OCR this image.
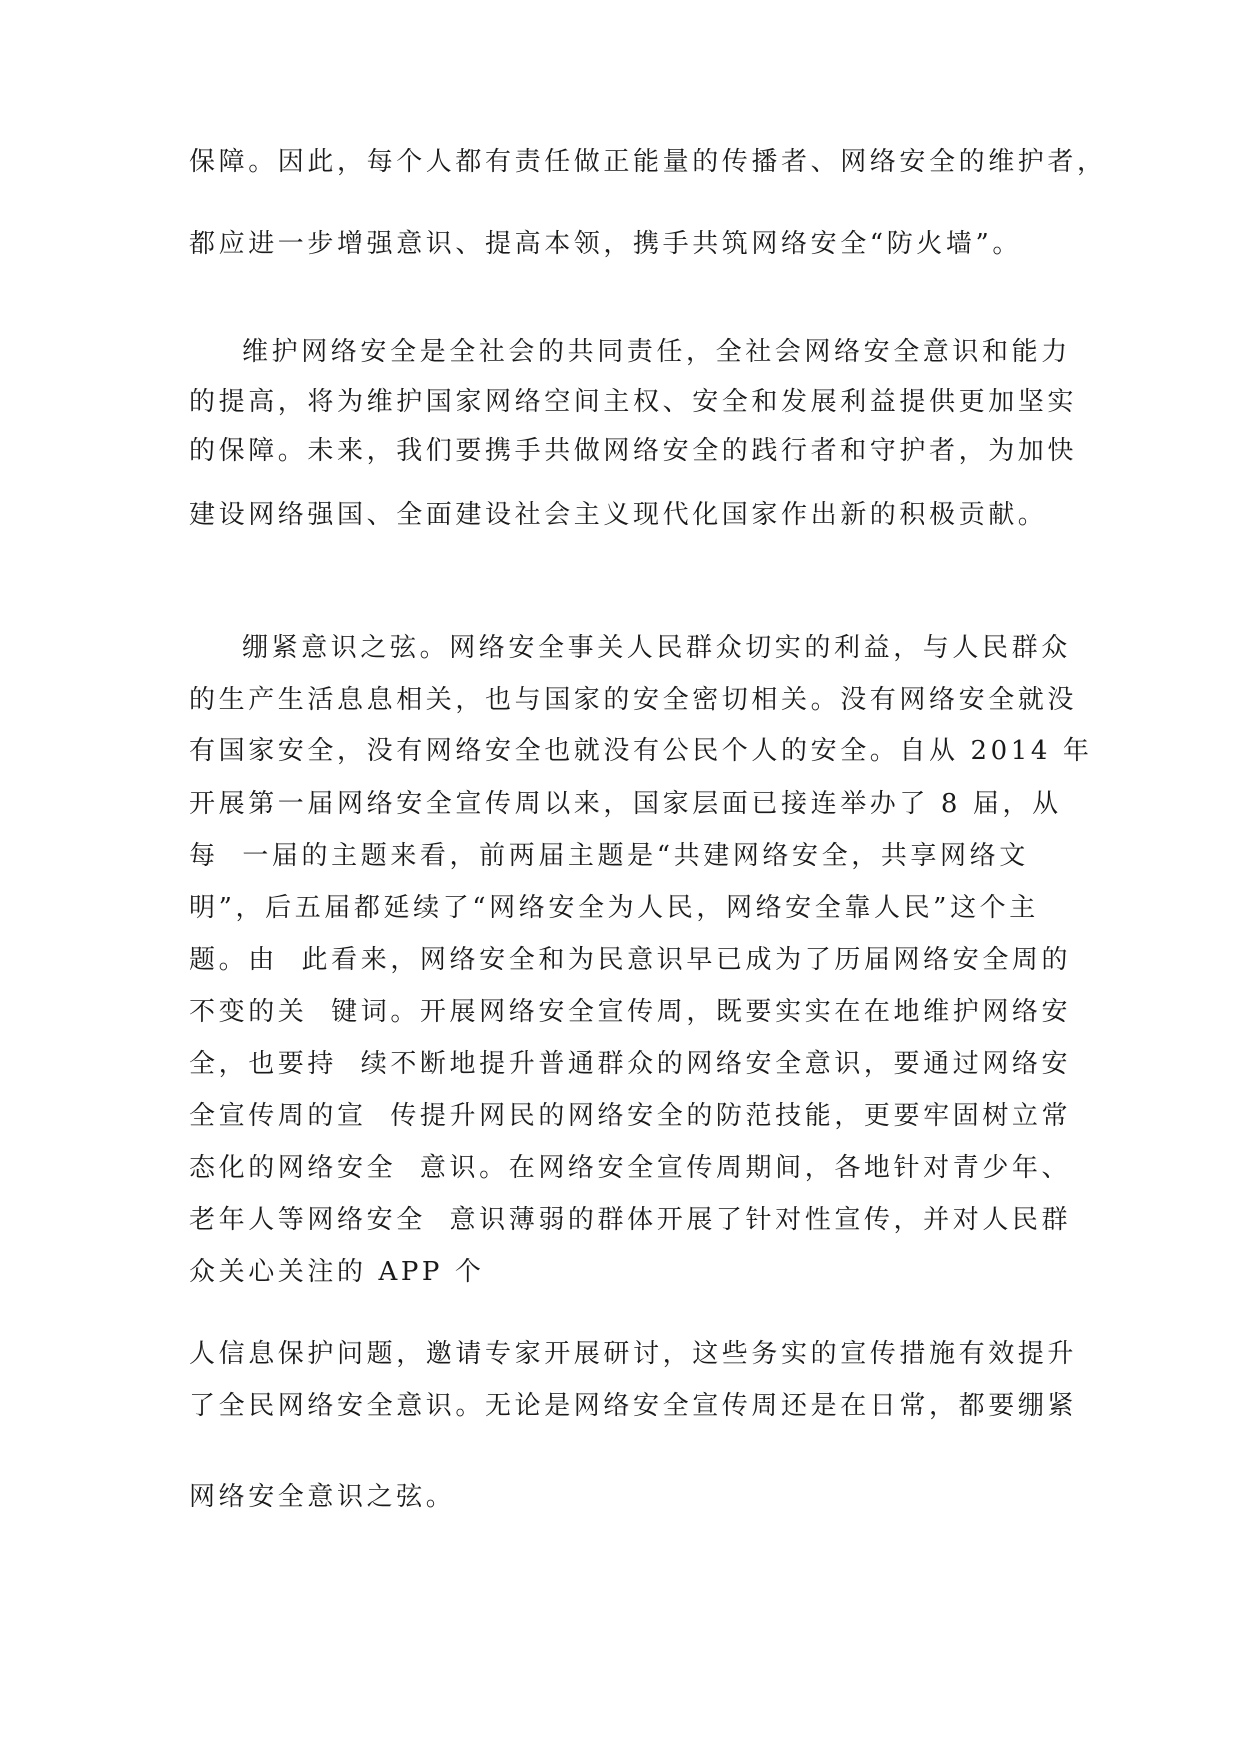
保障。因此，每个人都有责任做正能量的传播者、网络安全的维护者，
都应进一步增强意识、提高本领，携手共筑网络安全“防火墙”。
维护网络安全是全社会的共同责任，全社会网络安全意识和能力
的提高，将为维护国家网络空间主权、安全和发展利益提供更加坚实
的保障。未来，我们要携手共做网络安全的践行者和守护者，为加快
建设网络强国、全面建设社会主义现代化国家作出新的积极贡献。
绷紧意识之弦。网络安全事关人民群众切实的利益，与人民群众
的生产生活息息相关，也与国家的安全密切相关。没有网络安全就没
有国家安全，没有网络安全也就没有公民个人的安全。自从 2014 年
开展第一届网络安全宣传周以来，国家层面已接连举办了 8 届，从
每  一届的主题来看，前两届主题是“共建网络安全，共享网络文
明”，后五届都延续了“网络安全为人民，网络安全靠人民”这个主
题。由  此看来，网络安全和为民意识早已成为了历届网络安全周的
不变的关  键词。开展网络安全宣传周，既要实实在在地维护网络安
全，也要持  续不断地提升普通群众的网络安全意识，要通过网络安
全宣传周的宣  传提升网民的网络安全的防范技能，更要牢固树立常
态化的网络安全  意识。在网络安全宣传周期间，各地针对青少年、
老年人等网络安全  意识薄弱的群体开展了针对性宣传，并对人民群
众关心关注的 APP 个
人信息保护问题，邀请专家开展研讨，这些务实的宣传措施有效提升
了全民网络安全意识。无论是网络安全宣传周还是在日常，都要绷紧
网络安全意识之弦。
